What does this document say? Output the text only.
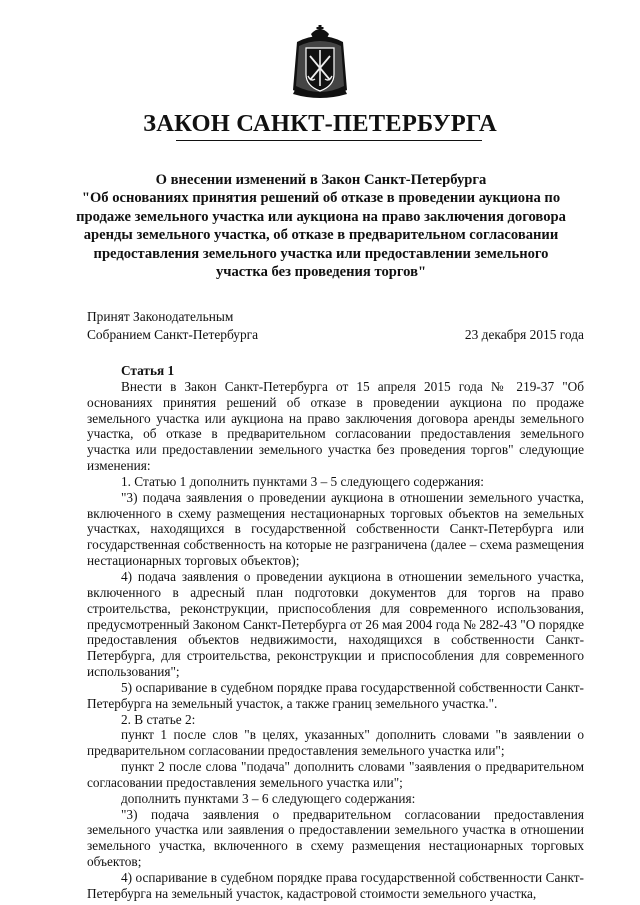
ЗАКОН САНКТ-ПЕТЕРБУРГА
О внесении изменений в Закон Санкт-Петербурга
"Об основаниях принятия решений об отказе в проведении аукциона по
продаже земельного участка или аукциона на право заключения договора
аренды земельного участка, об отказе в предварительном согласовании
предоставления земельного участка или предоставлении земельного
участка без проведения торгов"
Принят Законодательным
Собранием Санкт-Петербурга	23 декабря 2015 года

Статья 1

Внести в Закон Санкт-Петербурга от 15 апреля 2015 года № 219-37 "Об основаниях принятия решений об отказе в проведении аукциона по продаже земельного участка или аукциона на право заключения договора аренды земельного участка, об отказе в предварительном согласовании предоставления земельного участка или предоставлении земельного участка без проведения торгов" следующие изменения:

1. Статью 1 дополнить пунктами 3 – 5 следующего содержания:

"3) подача заявления о проведении аукциона в отношении земельного участка, включенного в схему размещения нестационарных торговых объектов на земельных участках, находящихся в государственной собственности Санкт-Петербурга или государственная собственность на которые не разграничена (далее – схема размещения нестационарных торговых объектов);

4) подача заявления о проведении аукциона в отношении земельного участка, включенного в адресный план подготовки документов для торгов на право строительства, реконструкции, приспособления для современного использования, предусмотренный Законом Санкт-Петербурга от 26 мая 2004 года № 282-43 "О порядке предоставления объектов недвижимости, находящихся в собственности Санкт-Петербурга, для строительства, реконструкции и приспособления для современного использования";

5) оспаривание в судебном порядке права государственной собственности Санкт-Петербурга на земельный участок, а также границ земельного участка.".

2. В статье 2:

пункт 1 после слов "в целях, указанных" дополнить словами "в заявлении о предварительном согласовании предоставления земельного участка или";

пункт 2 после слова "подача" дополнить словами "заявления о предварительном согласовании предоставления земельного участка или";

дополнить пунктами 3 – 6 следующего содержания:

"3) подача заявления о предварительном согласовании предоставления земельного участка или заявления о предоставлении земельного участка в отношении земельного участка, включенного в схему размещения нестационарных торговых объектов;

4) оспаривание в судебном порядке права государственной собственности Санкт-Петербурга на земельный участок, кадастровой стоимости земельного участка,
